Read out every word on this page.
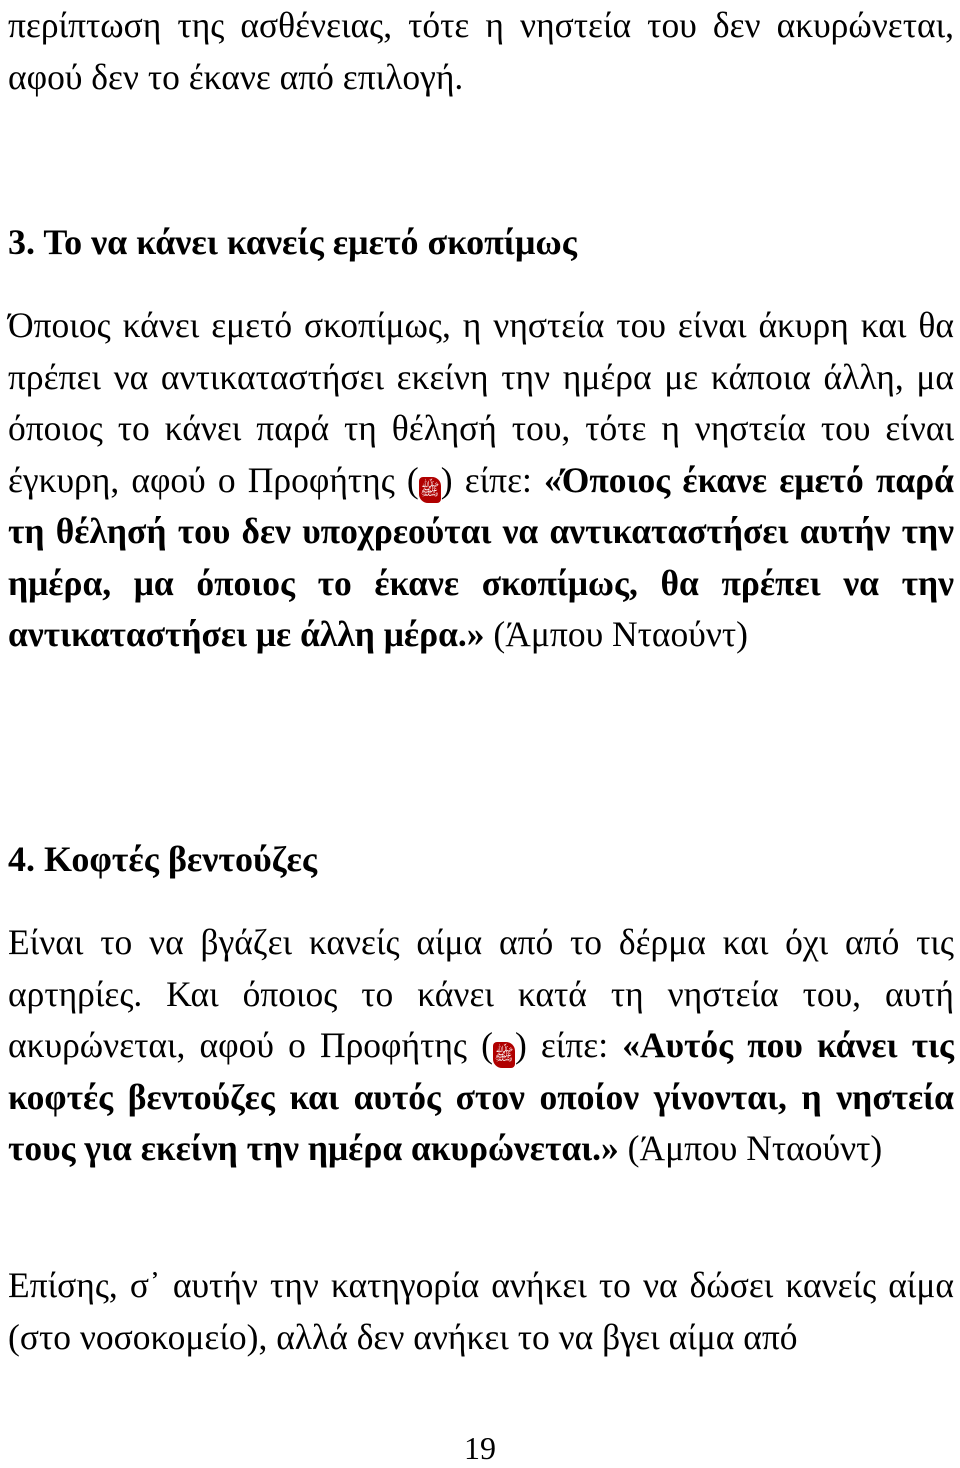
περίπτωση της ασθένειας, τότε η νηστεία του δεν ακυρώνεται, αφού δεν το έκανε από επιλογή.

3. Το να κάνει κανείς εμετό σκοπίμως

Όποιος κάνει εμετό σκοπίμως, η νηστεία του είναι άκυρη και θα πρέπει να αντικαταστήσει εκείνη την ημέρα με κάποια άλλη, μα όποιος το κάνει παρά τη θέλησή του, τότε η νηστεία του είναι έγκυρη, αφού ο Προφήτης (ﷺ) είπε: «Όποιος έκανε εμετό παρά τη θέλησή του δεν υποχρεούται να αντικαταστήσει αυτήν την ημέρα, μα όποιος το έκανε σκοπίμως, θα πρέπει να την αντικαταστήσει με άλλη μέρα.» (Άμπου Νταούντ)

4. Κοφτές βεντούζες

Είναι το να βγάζει κανείς αίμα από το δέρμα και όχι από τις αρτηρίες. Και όποιος το κάνει κατά τη νηστεία του, αυτή ακυρώνεται, αφού ο Προφήτης (ﷺ) είπε: «Αυτός που κάνει τις κοφτές βεντούζες και αυτός στον οποίον γίνονται, η νηστεία τους για εκείνη την ημέρα ακυρώνεται.» (Άμπου Νταούντ)

Επίσης, σ᾽ αυτήν την κατηγορία ανήκει το να δώσει κανείς αίμα (στο νοσοκομείο), αλλά δεν ανήκει το να βγει αίμα από

19
